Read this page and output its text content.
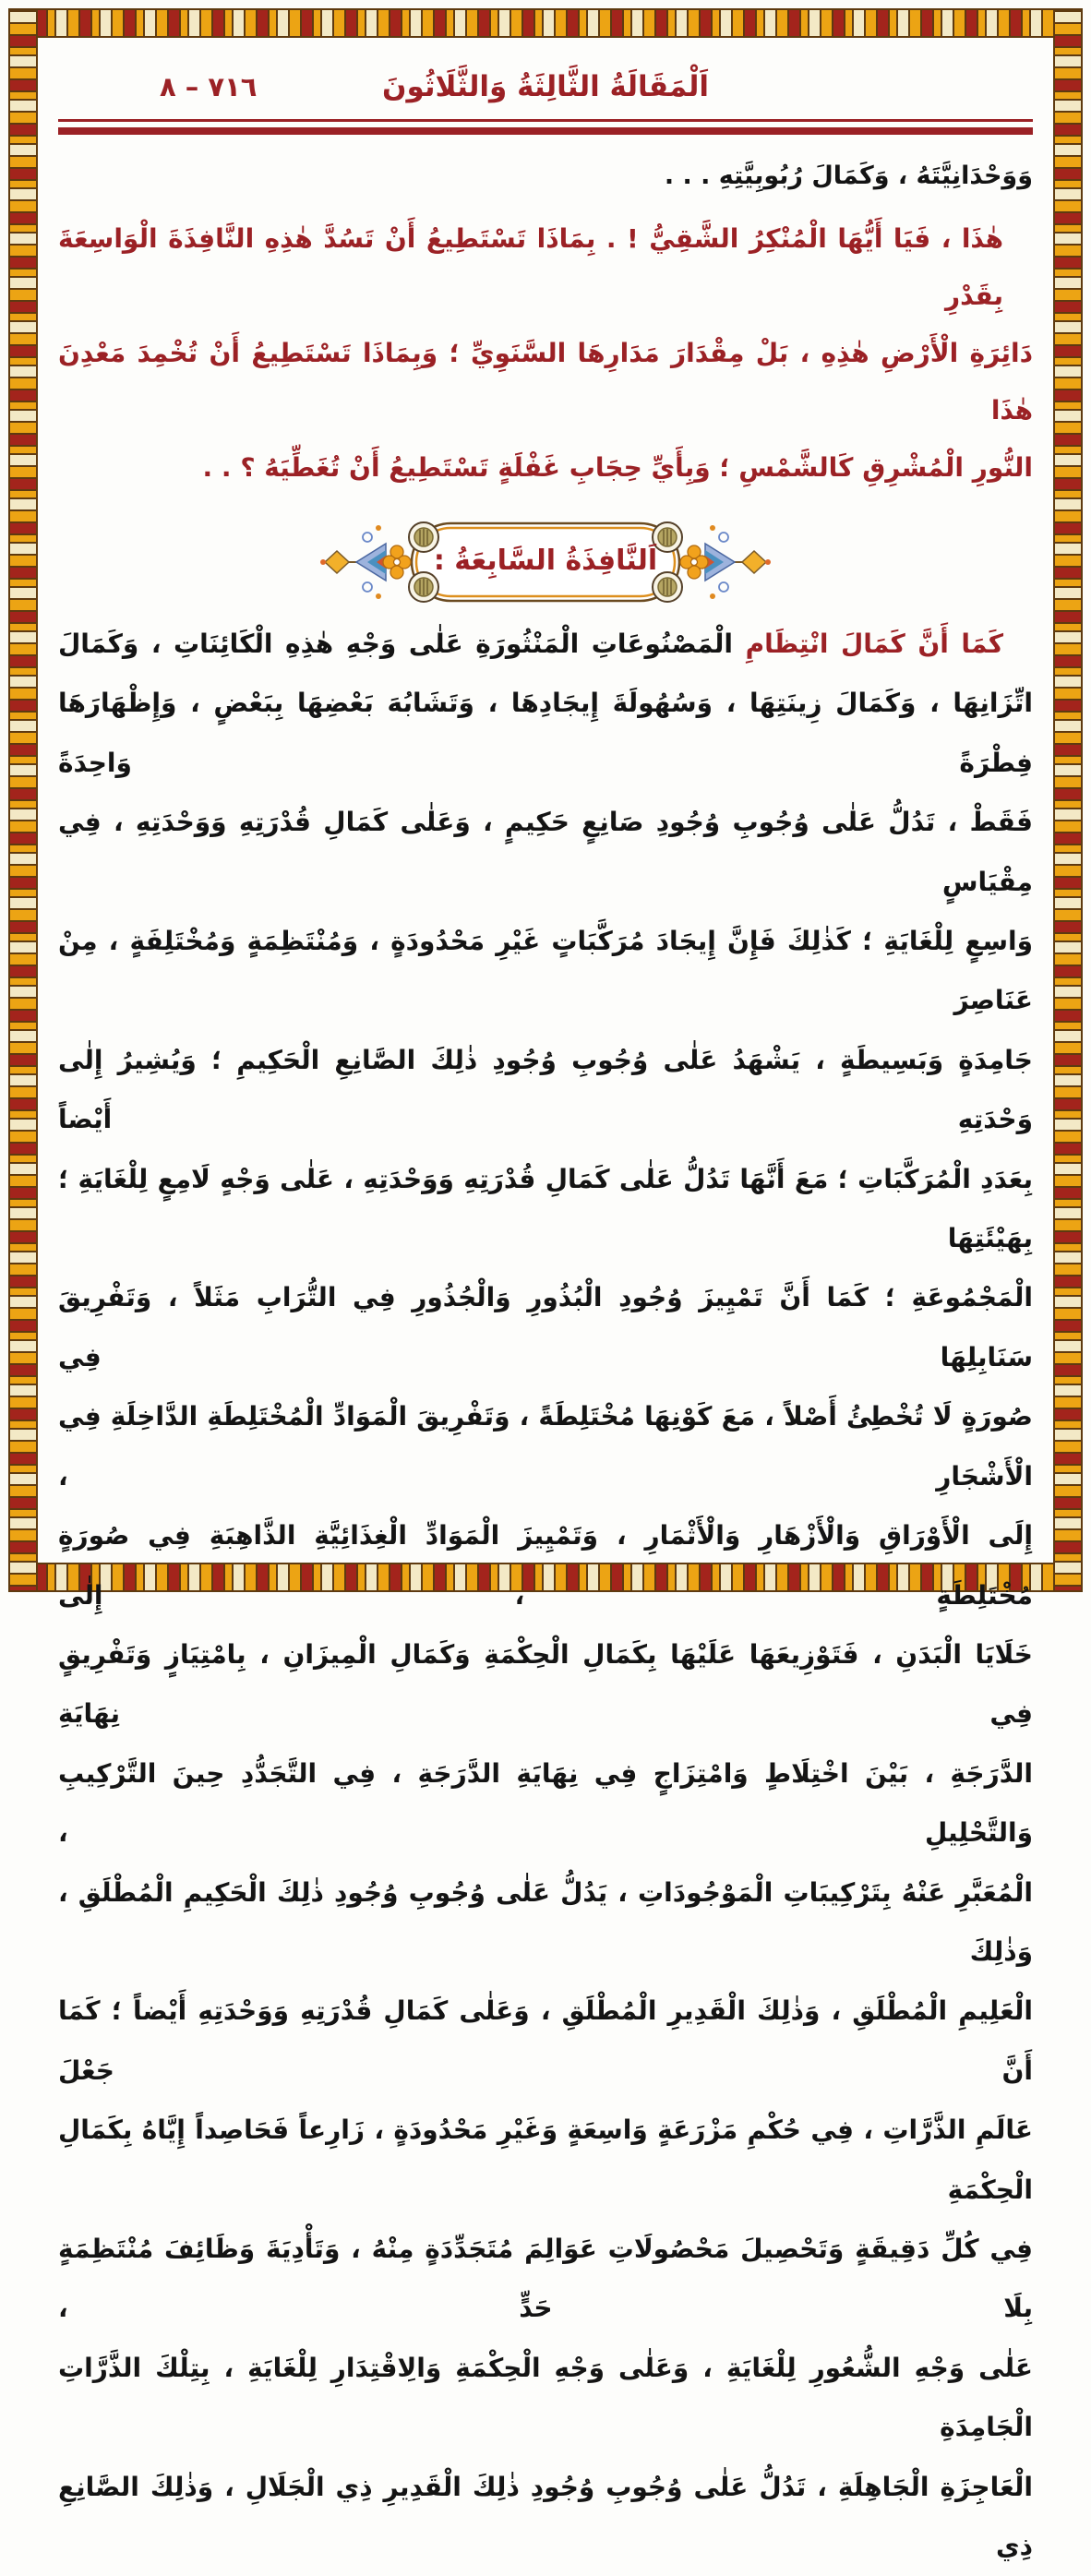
اَلْمَقَالَةُ الثَّالِثَةُ وَالثَّلَاثُونَ
٧١٦ – ٨
وَوَحْدَانِيَّتَهُ ، وَكَمَالَ رُبُوبِيَّتِهِ . . .
هٰذَا ، فَيَا أَيُّهَا الْمُنْكِرُ الشَّقِيُّ ! . بِمَاذَا تَسْتَطِيعُ أَنْ تَسُدَّ هٰذِهِ النَّافِذَةَ الْوَاسِعَةَ بِقَدْرِ
دَائِرَةِ الْأَرْضِ هٰذِهِ ، بَلْ مِقْدَارَ مَدَارِهَا السَّنَوِيِّ ؛ وَبِمَاذَا تَسْتَطِيعُ أَنْ تُخْمِدَ مَعْدِنَ هٰذَا
النُّورِ الْمُشْرِقِ كَالشَّمْسِ ؛ وَبِأَيِّ حِجَابِ غَفْلَةٍ تَسْتَطِيعُ أَنْ تُغَطِّيَهُ ؟ . .
اَلنَّافِذَةُ السَّابِعَةُ :
كَمَا أَنَّ كَمَالَ انْتِظَامِ الْمَصْنُوعَاتِ الْمَنْثُورَةِ عَلٰى وَجْهِ هٰذِهِ الْكَائِنَاتِ ، وَكَمَالَ
اتِّزَانِهَا ، وَكَمَالَ زِينَتِهَا ، وَسُهُولَةَ إِيجَادِهَا ، وَتَشَابُهَ بَعْضِهَا بِبَعْضٍ ، وَإِظْهَارَهَا فِطْرَةً وَاحِدَةً
فَقَطْ ، تَدُلُّ عَلٰى وُجُوبِ وُجُودِ صَانِعٍ حَكِيمٍ ، وَعَلٰى كَمَالِ قُدْرَتِهِ وَوَحْدَتِهِ ، فِي مِقْيَاسٍ
وَاسِعٍ لِلْغَايَةِ ؛ كَذٰلِكَ فَإِنَّ إِيجَادَ مُرَكَّبَاتٍ غَيْرِ مَحْدُودَةٍ ، وَمُنْتَظِمَةٍ وَمُخْتَلِفَةٍ ، مِنْ عَنَاصِرَ
جَامِدَةٍ وَبَسِيطَةٍ ، يَشْهَدُ عَلٰى وُجُوبِ وُجُودِ ذٰلِكَ الصَّانِعِ الْحَكِيمِ ؛ وَيُشِيرُ إِلٰى وَحْدَتِهِ أَيْضاً
بِعَدَدِ الْمُرَكَّبَاتِ ؛ مَعَ أَنَّهَا تَدُلُّ عَلٰى كَمَالِ قُدْرَتِهِ وَوَحْدَتِهِ ، عَلٰى وَجْهٍ لَامِعٍ لِلْغَايَةِ ؛ بِهَيْئَتِهَا
الْمَجْمُوعَةِ ؛ كَمَا أَنَّ تَمْيِيزَ وُجُودِ الْبُذُورِ وَالْجُذُورِ فِي التُّرَابِ مَثَلاً ، وَتَفْرِيقَ سَنَابِلِهَا فِي
صُورَةٍ لَا تُخْطِئُ أَصْلاً ، مَعَ كَوْنِهَا مُخْتَلِطَةً ، وَتَفْرِيقَ الْمَوَادِّ الْمُخْتَلِطَةِ الدَّاخِلَةِ فِي الْأَشْجَارِ ،
إِلَى الْأَوْرَاقِ وَالْأَزْهَارِ وَالْأَثْمَارِ ، وَتَمْيِيزَ الْمَوَادِّ الْغِذَائِيَّةِ الذَّاهِبَةِ فِي صُورَةٍ مُخْتَلِطَةٍ ، إِلٰى
خَلَايَا الْبَدَنِ ، فَتَوْزِيعَهَا عَلَيْهَا بِكَمَالِ الْحِكْمَةِ وَكَمَالِ الْمِيزَانِ ، بِامْتِيَازٍ وَتَفْرِيقٍ فِي نِهَايَةِ
الدَّرَجَةِ ، بَيْنَ اخْتِلَاطٍ وَامْتِزَاجٍ فِي نِهَايَةِ الدَّرَجَةِ ، فِي التَّجَدُّدِ حِينَ التَّرْكِيبِ وَالتَّحْلِيلِ ،
الْمُعَبَّرِ عَنْهُ بِتَرْكِيبَاتِ الْمَوْجُودَاتِ ، يَدُلُّ عَلٰى وُجُوبِ وُجُودِ ذٰلِكَ الْحَكِيمِ الْمُطْلَقِ ، وَذٰلِكَ
الْعَلِيمِ الْمُطْلَقِ ، وَذٰلِكَ الْقَدِيرِ الْمُطْلَقِ ، وَعَلٰى كَمَالِ قُدْرَتِهِ وَوَحْدَتِهِ أَيْضاً ؛ كَمَا أَنَّ جَعْلَ
عَالَمِ الذَّرَّاتِ ، فِي حُكْمِ مَزْرَعَةٍ وَاسِعَةٍ وَغَيْرِ مَحْدُودَةٍ ، زَارِعاً فَحَاصِداً إِيَّاهُ بِكَمَالِ الْحِكْمَةِ
فِي كُلِّ دَقِيقَةٍ وَتَحْصِيلَ مَحْصُولَاتِ عَوَالِمَ مُتَجَدِّدَةٍ مِنْهُ ، وَتَأْدِيَةَ وَظَائِفَ مُنْتَظِمَةٍ بِلَا حَدٍّ ،
عَلٰى وَجْهِ الشُّعُورِ لِلْغَايَةِ ، وَعَلٰى وَجْهِ الْحِكْمَةِ وَالِاقْتِدَارِ لِلْغَايَةِ ، بِتِلْكَ الذَّرَّاتِ الْجَامِدَةِ
الْعَاجِزَةِ الْجَاهِلَةِ ، تَدُلُّ عَلٰى وُجُوبِ وُجُودِ ذٰلِكَ الْقَدِيرِ ذِي الْجَلَالِ ، وَذٰلِكَ الصَّانِعِ ذِي
